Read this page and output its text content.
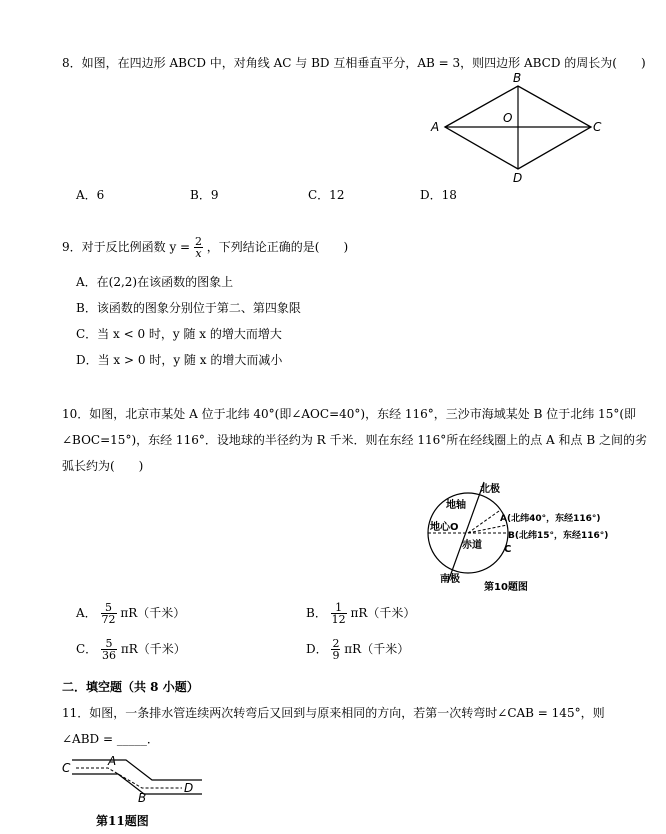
8．如图，在四边形 ABCD 中，对角线 AC 与 BD 互相垂直平分，AB = 3，则四边形 ABCD 的周长为(　　)
A
B
C
D
O
A．6	B．9	C．12	D．18
9．对于反比例函数 $y = \frac{2}{x}$ ，下列结论正确的是(　　)
A．在(2,2)在该函数的图象上
B．该函数的图象分别位于第二、第四象限
C．当 x < 0 时，y 随 x 的增大而增大
D．当 x > 0 时，y 随 x 的增大而减小
10．如图，北京市某处 A 位于北纬 40°(即∠AOC=40°)，东经 116°，三沙市海域某处 B 位于北纬 15°(即
∠BOC=15°)，东经 116°．设地球的半径约为 R 千米．则在东经 116°所在经线圈上的点 A 和点 B 之间的劣
弧长约为(　　)
北极
南极
地轴
地心O
赤道
A(北纬40°，东经116°)
B(北纬15°，东经116°)
C
第10题图
A． $\frac{5}{72} \pi R$（千米）	B． $\frac{1}{12} \pi R$（千米）
C． $\frac{5}{36} \pi R$（千米）	D． $\frac{2}{9} \pi R$（千米）
二．填空题（共 8 小题）
11．如图，一条排水管连续两次转弯后又回到与原来相同的方向，若第一次转弯时∠CAB = 145°，则
∠ABD = _____．
C	A
B
D
第11题图
